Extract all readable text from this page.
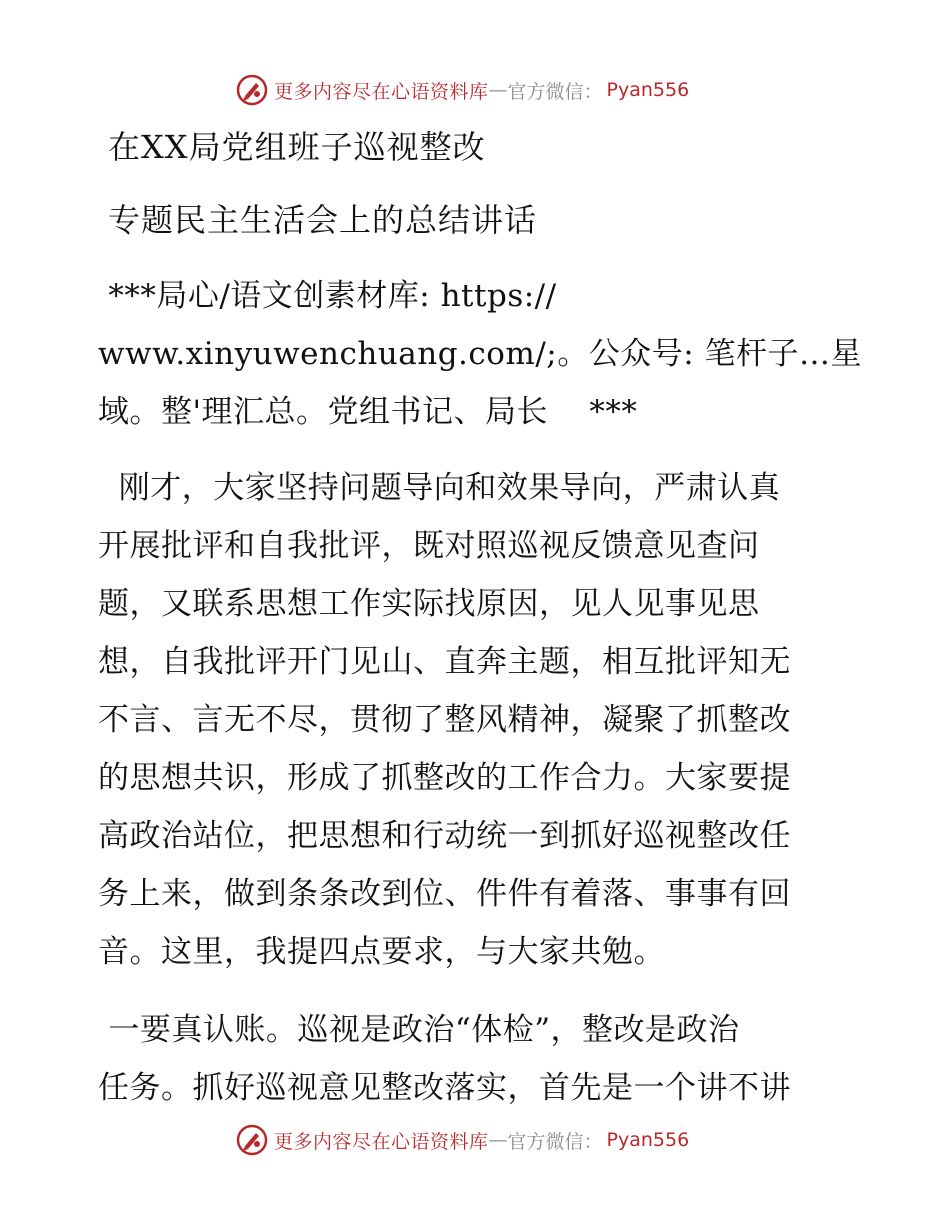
更多内容尽在心语资料库 — 官方微信： Pyan556
在XX局党组班子巡视整改
专题民主生活会上的总结讲话
***局心/语文创素材库: https://
www.xinyuwenchuang.com/;。公众号: 笔杆子…星
域。整'理汇总。党组书记、局长    ***
刚才，大家坚持问题导向和效果导向，严肃认真
开展批评和自我批评，既对照巡视反馈意见查问
题，又联系思想工作实际找原因，见人见事见思
想，自我批评开门见山、直奔主题，相互批评知无
不言、言无不尽，贯彻了整风精神，凝聚了抓整改
的思想共识，形成了抓整改的工作合力。大家要提
高政治站位，把思想和行动统一到抓好巡视整改任
务上来，做到条条改到位、件件有着落、事事有回
音。这里，我提四点要求，与大家共勉。
一要真认账。巡视是政治“体检”，整改是政治
任务。抓好巡视意见整改落实，首先是一个讲不讲
更多内容尽在心语资料库 — 官方微信： Pyan556
